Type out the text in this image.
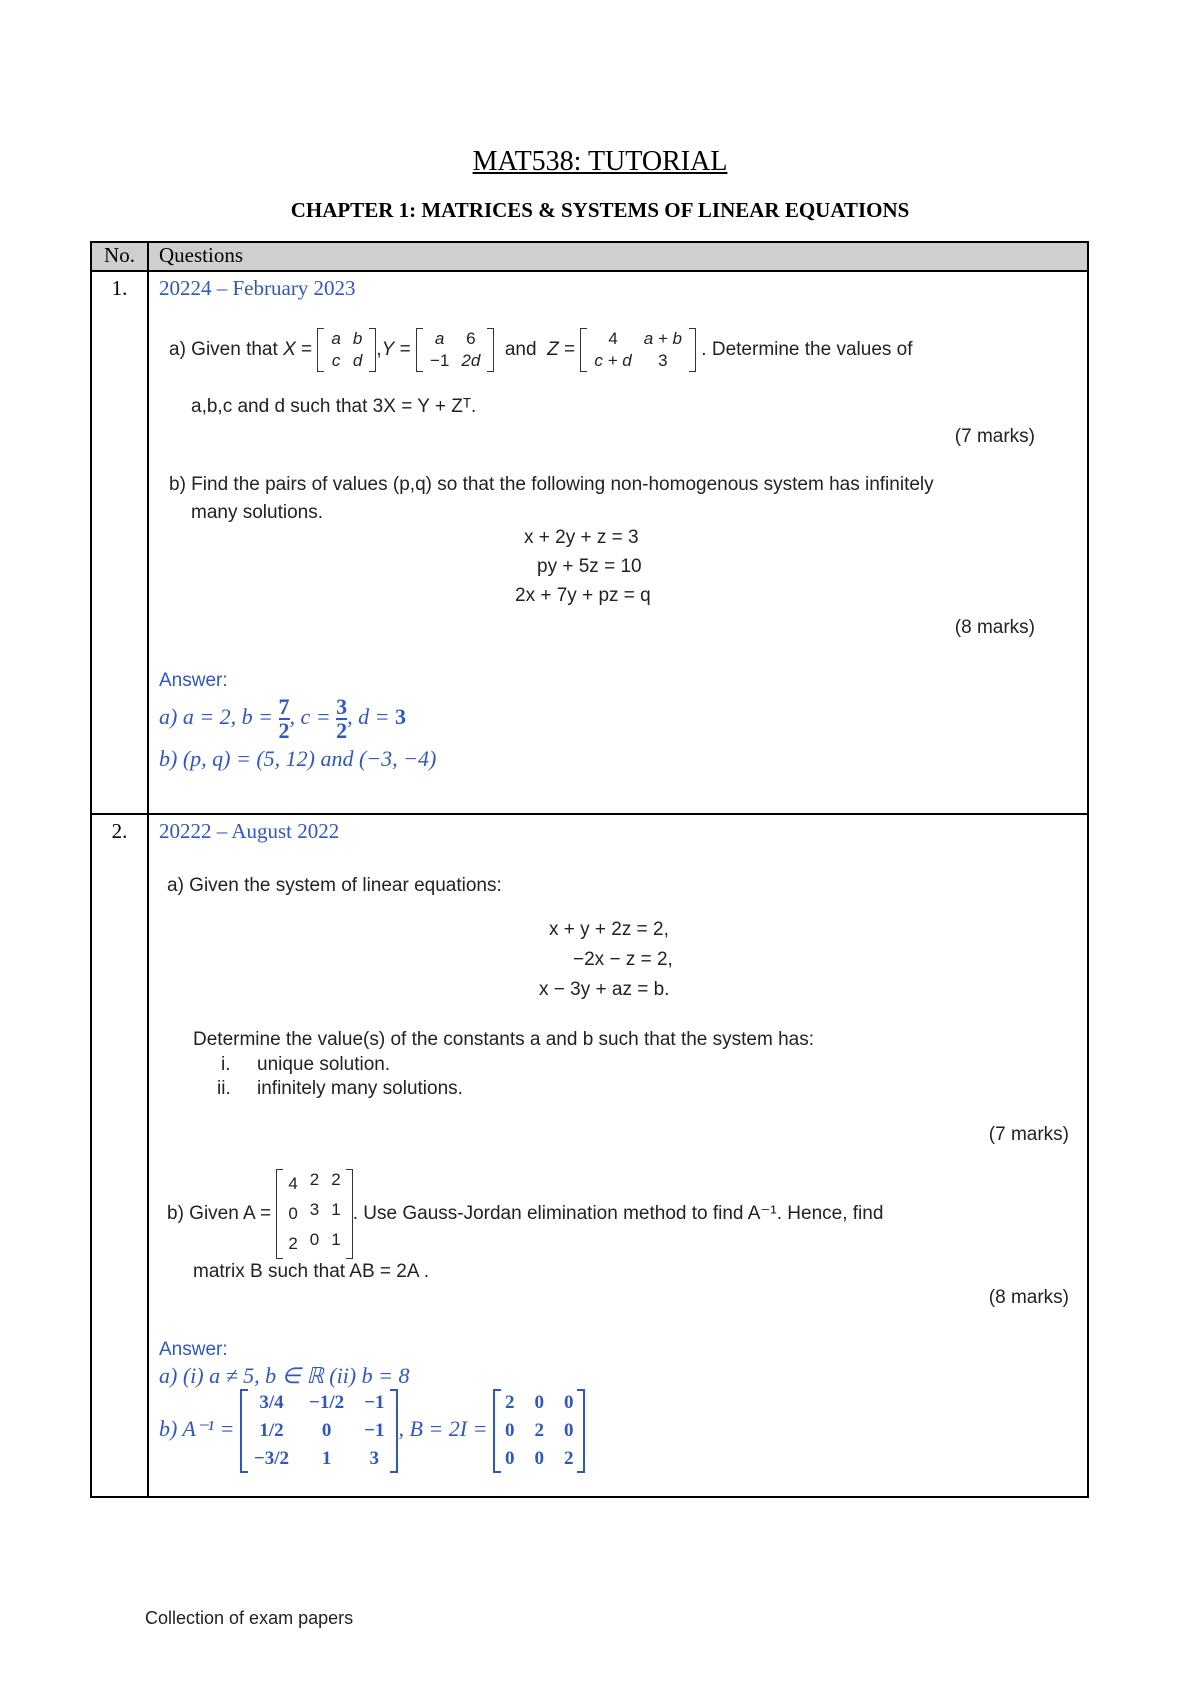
MAT538: TUTORIAL
CHAPTER 1: MATRICES & SYSTEMS OF LINEAR EQUATIONS
No.	Questions
1.	20224 – February 2023
a) Given that X =
a	b
c	d
,Y =
a	6
−1	2d
and Z =
4	a + b
c + d	3
. Determine the values of
a,b,c and d such that 3X = Y + Zᵀ.
(7 marks)
b) Find the pairs of values (p,q) so that the following non-homogenous system has infinitely
many solutions.
x + 2y + z = 3
py + 5z = 10
2x + 7y + pz = q
(8 marks)
Answer:
a) a = 2, $b = \frac{7}{2}$ , $c = \frac{3}{2}$ , d = 3
b) (p, q) = (5, 12) and (−3, −4)

2.	20222 – August 2022
a) Given the system of linear equations:
x + y + 2z = 2,
−2x − z = 2,
x − 3y + az = b.
Determine the value(s) of the constants a and b such that the system has:
i. unique solution.
ii. infinitely many solutions.
(7 marks)
b) Given A =
4	2	2
0	3	1
2	0	1
. Use Gauss-Jordan elimination method to find A⁻¹. Hence, find
matrix B such that AB = 2A .
(8 marks)
Answer:
a) (i) a ≠ 5, b ∈ ℝ (ii) b = 8
b) A⁻¹ =
3/4	−1/2	−1
1/2	0	−1
−3/2	1	3
, B = 2I =
2	0	0
0	2	0
0	0	2
Collection of exam papers
